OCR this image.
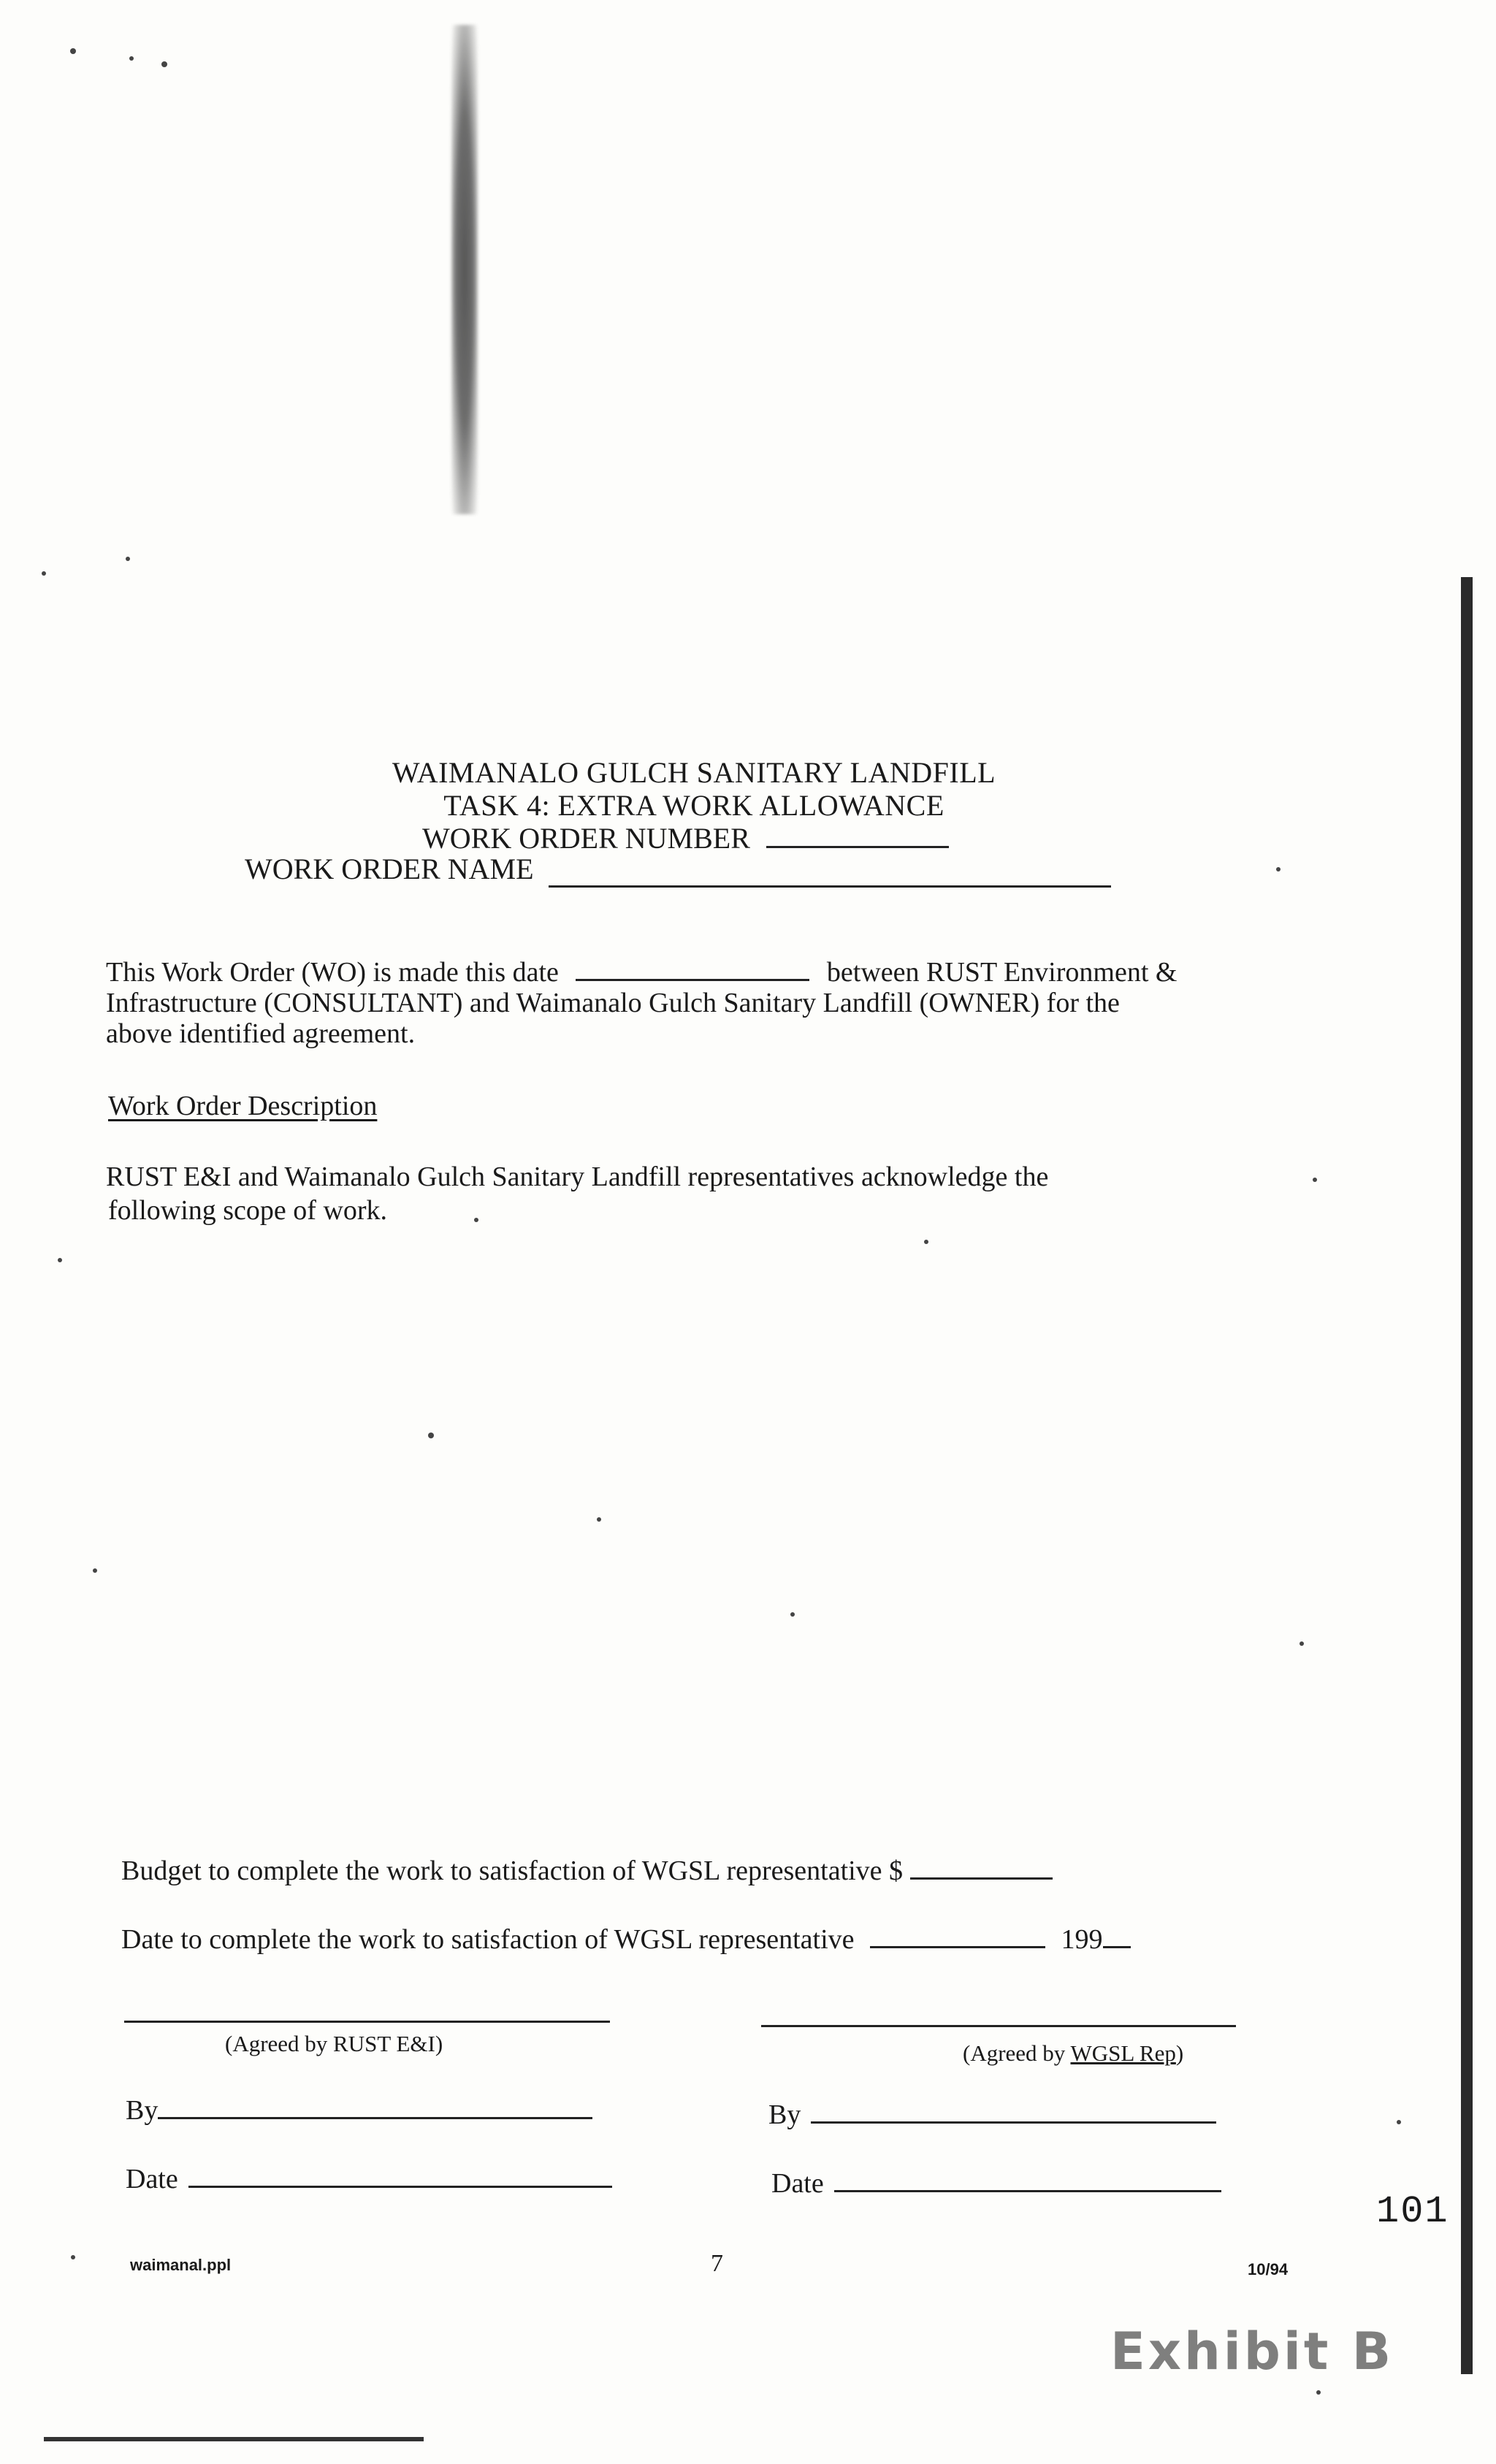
WAIMANALO GULCH SANITARY LANDFILL
TASK 4: EXTRA WORK ALLOWANCE
WORK ORDER NUMBER
WORK ORDER NAME
This Work Order (WO) is made this date	between RUST Environment &
Infrastructure (CONSULTANT) and Waimanalo Gulch Sanitary Landfill (OWNER) for the
above identified agreement.
Work Order Description
RUST E&I and Waimanalo Gulch Sanitary Landfill representatives acknowledge the
following scope of work.
Budget to complete the work to satisfaction of WGSL representative $
Date to complete the work to satisfaction of WGSL representative	199
(Agreed by RUST E&I)	(Agreed by WGSL Rep)
By	By
Date	Date
101
waimanal.ppl	7	10/94
Exhibit B
